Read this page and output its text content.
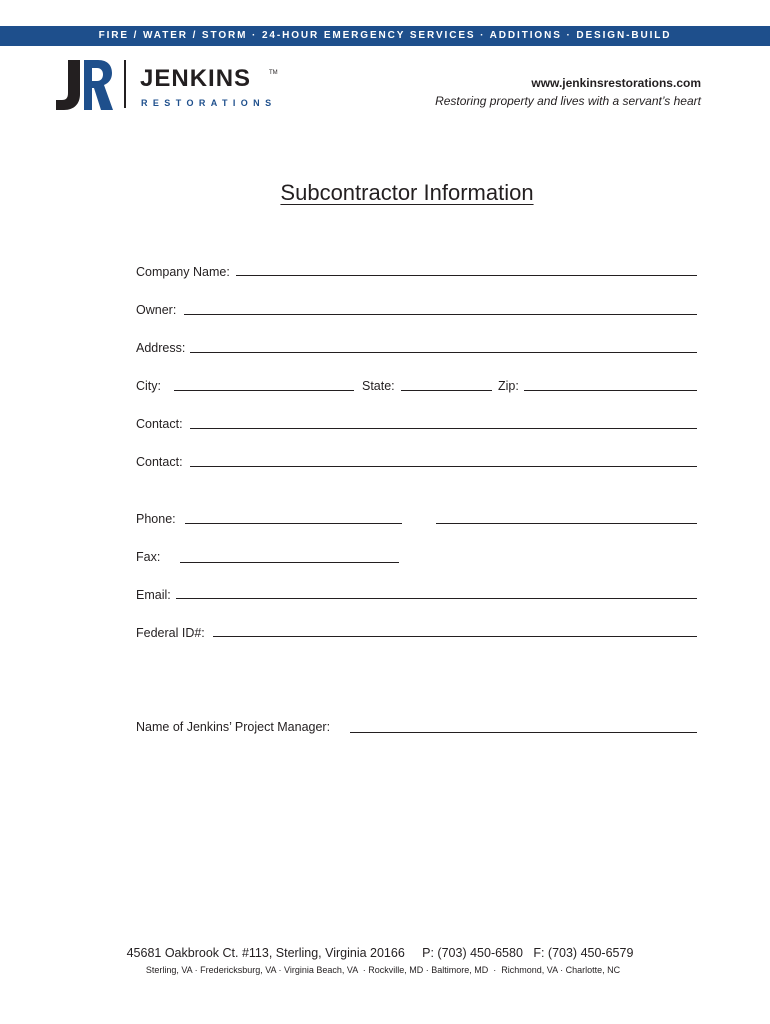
FIRE / WATER / STORM · 24-HOUR EMERGENCY SERVICES · ADDITIONS · DESIGN-BUILD
JENKINS	TM
RESTORATIONS
www.jenkinsrestorations.com
Restoring property and lives with a servant’s heart
Subcontractor Information
Company Name:
Owner:
Address:
City:	State:	Zip:
Contact:
Contact:
Phone:
Fax:
Email:
Federal ID#:
Name of Jenkins’ Project Manager:
45681 Oakbrook Ct. #113, Sterling, Virginia 20166     P: (703) 450-6580   F: (703) 450-6579
Sterling, VA · Fredericksburg, VA · Virginia Beach, VA  · Rockville, MD · Baltimore, MD  ·  Richmond, VA · Charlotte, NC
